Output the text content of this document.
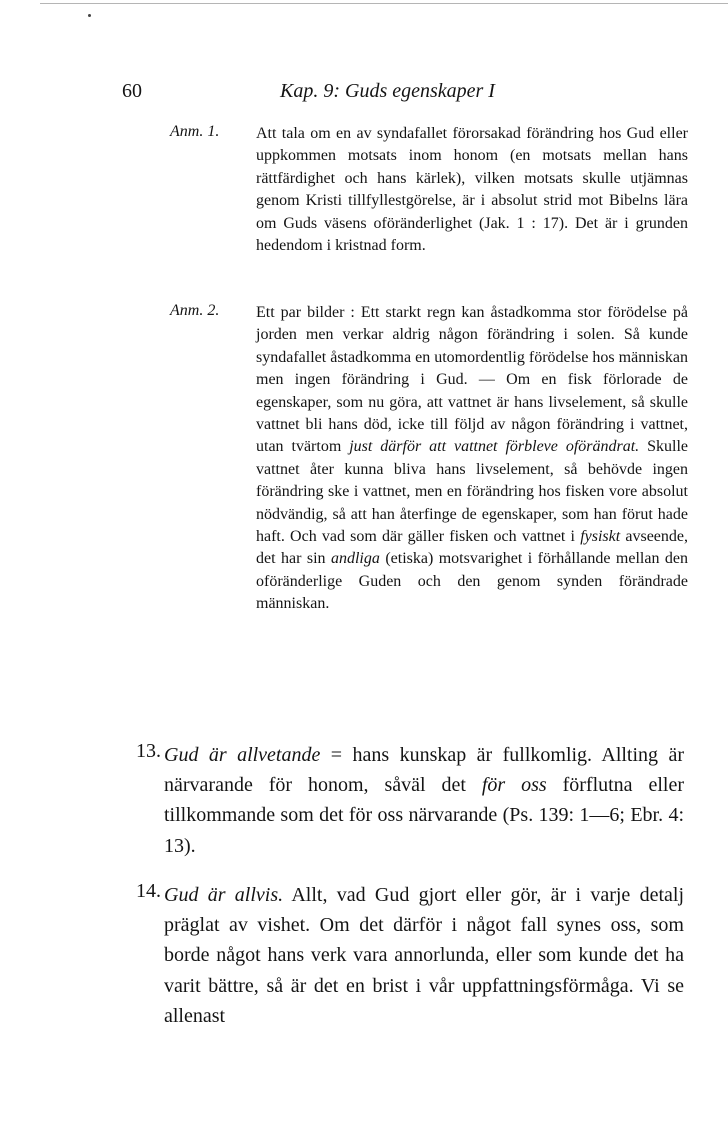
60	Kap. 9: Guds egenskaper I
Anm. 1. Att tala om en av syndafallet förorsakad förändring hos Gud eller uppkommen motsats inom honom (en motsats mellan hans rättfärdighet och hans kärlek), vilken motsats skulle utjämnas genom Kristi tillfyllestgörelse, är i absolut strid mot Bibelns lära om Guds väsens oföränderlighet (Jak. 1 : 17). Det är i grunden hedendom i kristnad form.
Anm. 2. Ett par bilder : Ett starkt regn kan åstadkomma stor förödelse på jorden men verkar aldrig någon förändring i solen. Så kunde syndafallet åstadkomma en utomordentlig förödelse hos människan men ingen förändring i Gud. — Om en fisk förlorade de egenskaper, som nu göra, att vattnet är hans livselement, så skulle vattnet bli hans död, icke till följd av någon förändring i vattnet, utan tvärtom just därför att vattnet förbleve oförändrat. Skulle vattnet åter kunna bliva hans livselement, så behövde ingen förändring ske i vattnet, men en förändring hos fisken vore absolut nödvändig, så att han återfinge de egenskaper, som han förut hade haft. Och vad som där gäller fisken och vattnet i fysiskt avseende, det har sin andliga (etiska) motsvarighet i förhållande mellan den oföränderlige Guden och den genom synden förändrade människan.
13. Gud är allvetande = hans kunskap är fullkomlig. Allting är närvarande för honom, såväl det för oss förflutna eller tillkommande som det för oss närvarande (Ps. 139: 1—6; Ebr. 4: 13).
14. Gud är allvis. Allt, vad Gud gjort eller gör, är i varje detalj präglat av vishet. Om det därför i något fall synes oss, som borde något hans verk vara annorlunda, eller som kunde det ha varit bättre, så är det en brist i vår uppfattningsförmåga. Vi se allenast
